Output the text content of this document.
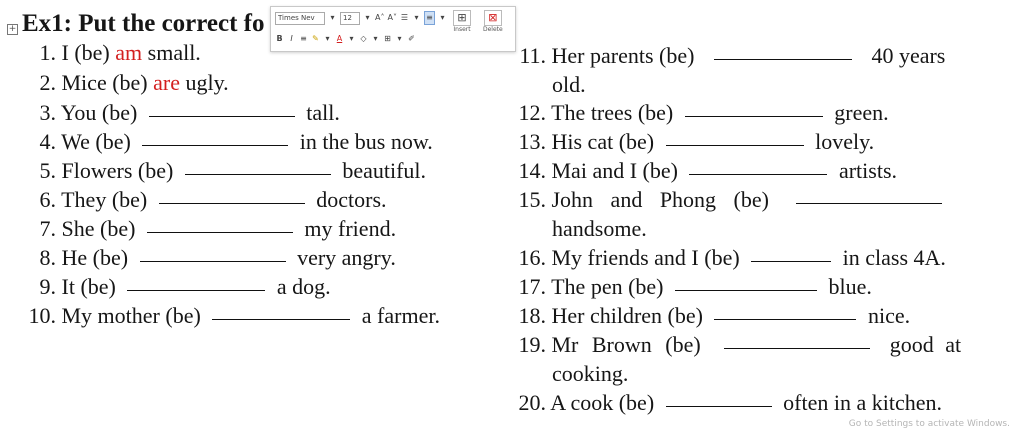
+ Ex1: Put the correct fo
1. I (be) am small.
2. Mice (be) are ugly.
3. You (be)	tall.
4. We (be)	in the bus now.
5. Flowers (be)	beautiful.
6. They (be)	doctors.
7. She (be)	my friend.
8. He (be)	very angry.
9. It (be)	a dog.
10. My mother (be)	a farmer.
11. Her parents (be)	40 years
old.
12. The trees (be)	green.
13. His cat (be)	lovely.
14. Mai and I (be)	artists.
15. John and Phong (be)
handsome.
16. My friends and I (be)	in class 4A.
17. The pen (be)	blue.
18. Her children (be)	nice.
19. Mr Brown (be)	good at
cooking.
20. A cook (be)	often in a kitchen.
Times Nev	▾	12	▾ A˄ A˅ ☰ ▾ ≡ ▾
B I ≡ ✎ ▾ A ▾ ◇ ▾ ⊞ ▾ ✐
⊞
Insert
⊠
Delete
Go to Settings to activate Windows.
